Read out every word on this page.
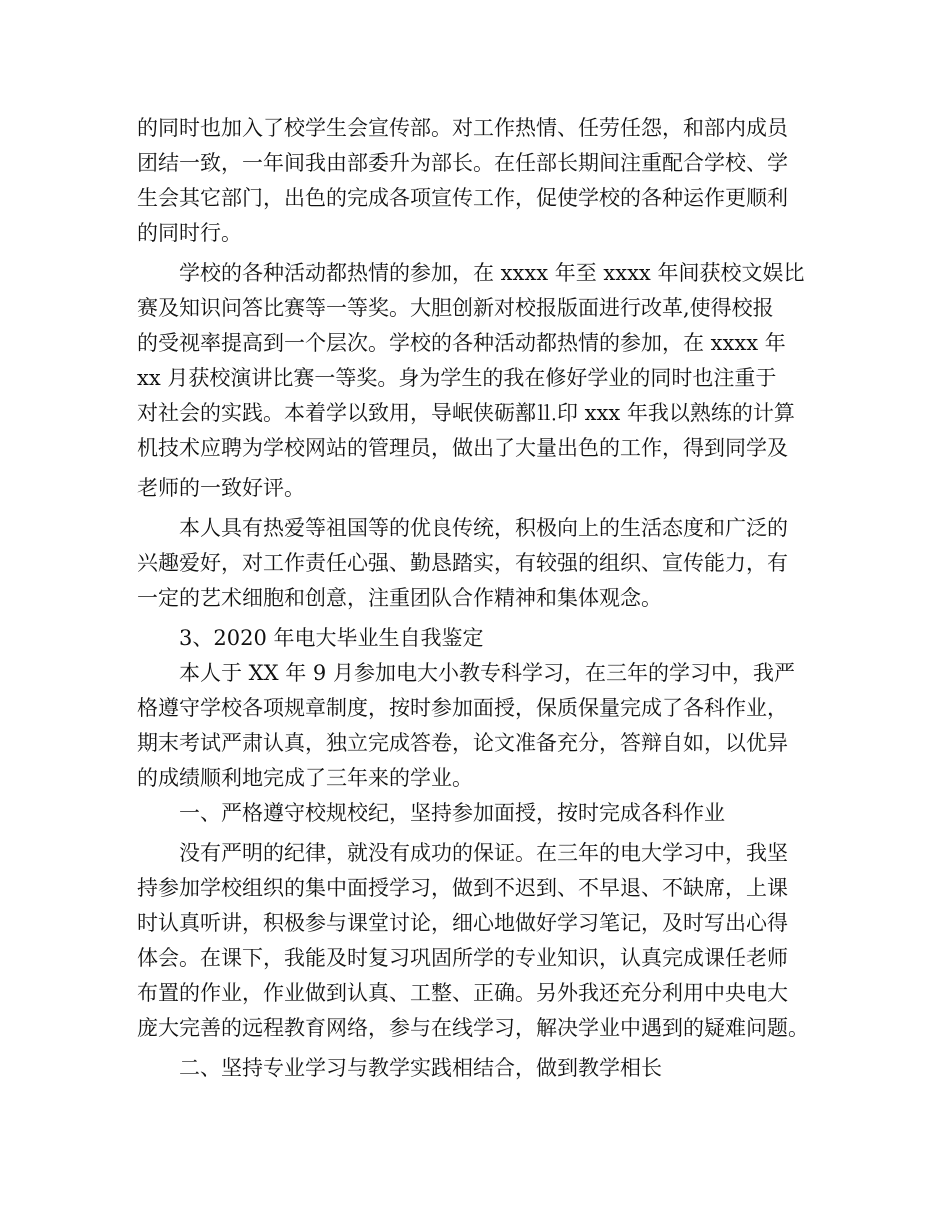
的同时也加入了校学生会宣传部。对工作热情、任劳任怨，和部内成员
团结一致，一年间我由部委升为部长。在任部长期间注重配合学校、学
生会其它部门，出色的完成各项宣传工作，促使学校的各种运作更顺利
的同时行。
学校的各种活动都热情的参加，在 xxxx 年至 xxxx 年间获校文娱比
赛及知识问答比赛等一等奖。大胆创新对校报版面进行改革,使得校报
的受视率提高到一个层次。学校的各种活动都热情的参加，在 xxxx 年
xx 月获校演讲比赛一等奖。身为学生的我在修好学业的同时也注重于
对社会的实践。本着学以致用，导岷侠砺鄯⒒印 xxx 年我以熟练的计算
机技术应聘为学校网站的管理员，做出了大量出色的工作，得到同学及
老师的一致好评。
本人具有热爱等祖国等的优良传统，积极向上的生活态度和广泛的
兴趣爱好，对工作责任心强、勤恳踏实，有较强的组织、宣传能力，有
一定的艺术细胞和创意，注重团队合作精神和集体观念。
3、2020 年电大毕业生自我鉴定
本人于 XX 年 9 月参加电大小教专科学习，在三年的学习中，我严
格遵守学校各项规章制度，按时参加面授，保质保量完成了各科作业，
期末考试严肃认真，独立完成答卷，论文准备充分，答辩自如，以优异
的成绩顺利地完成了三年来的学业。
一、严格遵守校规校纪，坚持参加面授，按时完成各科作业
没有严明的纪律，就没有成功的保证。在三年的电大学习中，我坚
持参加学校组织的集中面授学习，做到不迟到、不早退、不缺席，上课
时认真听讲，积极参与课堂讨论，细心地做好学习笔记，及时写出心得
体会。在课下，我能及时复习巩固所学的专业知识，认真完成课任老师
布置的作业，作业做到认真、工整、正确。另外我还充分利用中央电大
庞大完善的远程教育网络，参与在线学习，解决学业中遇到的疑难问题。
二、坚持专业学习与教学实践相结合，做到教学相长
